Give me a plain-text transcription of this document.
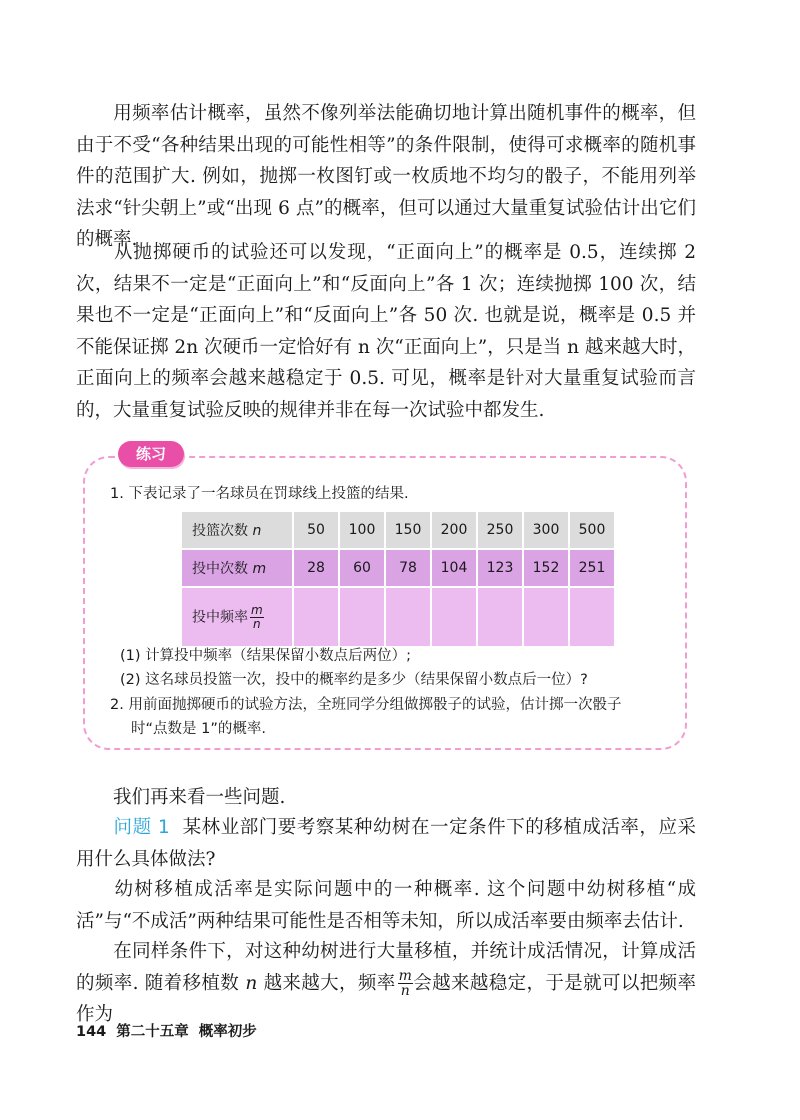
用频率估计概率，虽然不像列举法能确切地计算出随机事件的概率，但由于不受“各种结果出现的可能性相等”的条件限制，使得可求概率的随机事件的范围扩大. 例如，抛掷一枚图钉或一枚质地不均匀的骰子，不能用列举法求“针尖朝上”或“出现 6 点”的概率，但可以通过大量重复试验估计出它们的概率.

从抛掷硬币的试验还可以发现，“正面向上”的概率是 0.5，连续掷 2 次，结果不一定是“正面向上”和“反面向上”各 1 次；连续抛掷 100 次，结果也不一定是“正面向上”和“反面向上”各 50 次. 也就是说，概率是 0.5 并不能保证掷 2n 次硬币一定恰好有 n 次“正面向上”，只是当 n 越来越大时，正面向上的频率会越来越稳定于 0.5. 可见，概率是针对大量重复试验而言的，大量重复试验反映的规律并非在每一次试验中都发生.

练习

1. 下表记录了一名球员在罚球线上投篮的结果.

投篮次数 n	50	100	150	200	250	300	500
投中次数 m	28	60	78	104	123	152	251
投中频率 $\frac{m}{n}$

(1) 计算投中频率（结果保留小数点后两位）;

(2) 这名球员投篮一次，投中的概率约是多少（结果保留小数点后一位）?

2. 用前面抛掷硬币的试验方法，全班同学分组做掷骰子的试验，估计掷一次骰子

时“点数是 1”的概率.

我们再来看一些问题.

问题 1 某林业部门要考察某种幼树在一定条件下的移植成活率，应采用什么具体做法?

幼树移植成活率是实际问题中的一种概率. 这个问题中幼树移植“成活”与“不成活”两种结果可能性是否相等未知，所以成活率要由频率去估计.

在同样条件下，对这种幼树进行大量移植，并统计成活情况，计算成活的频率. 随着移植数 n 越来越大，频率 $\frac{m}{n}$ 会越来越稳定，于是就可以把频率作为

144 第二十五章 概率初步
